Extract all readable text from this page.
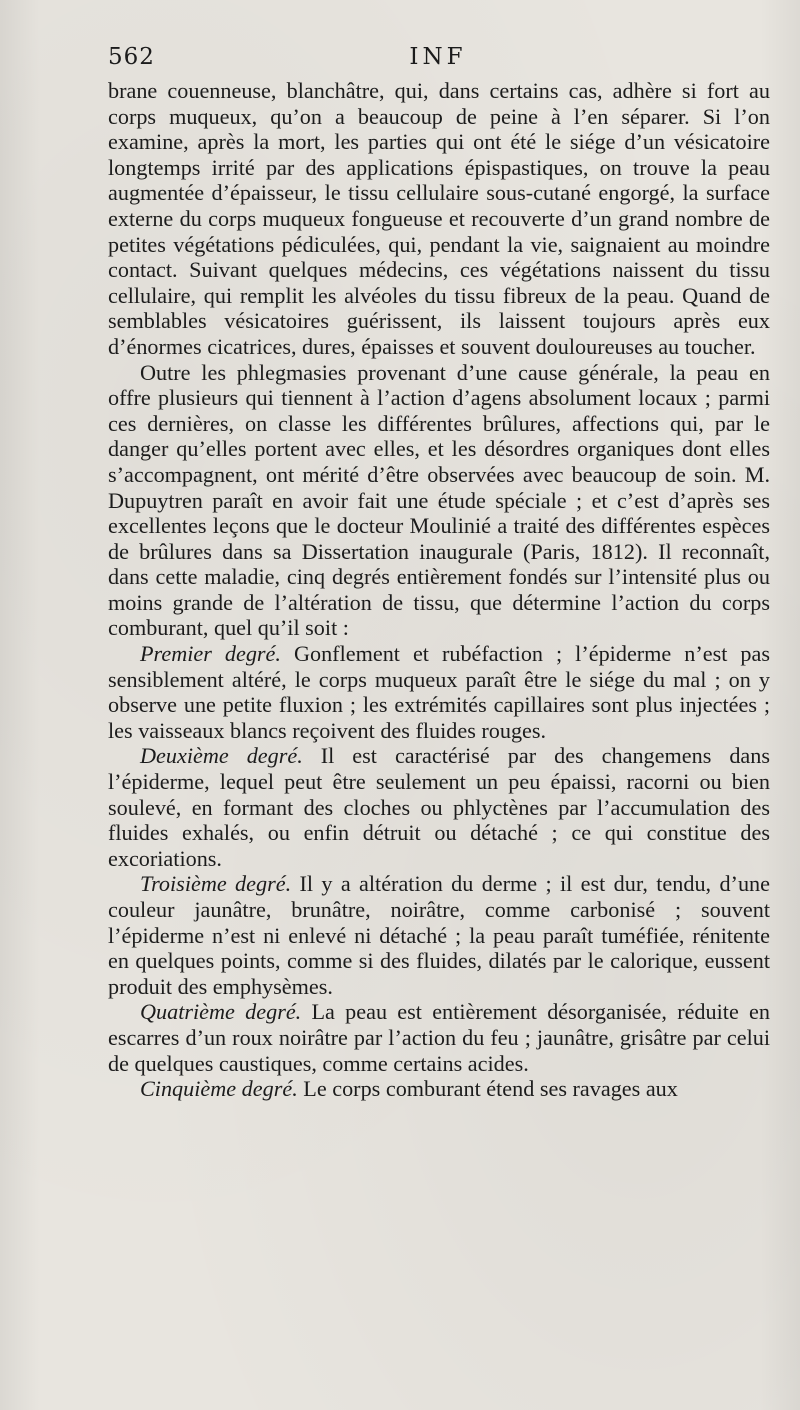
562	INF

brane couenneuse, blanchâtre, qui, dans certains cas, adhère si fort au corps muqueux, qu’on a beaucoup de peine à l’en séparer. Si l’on examine, après la mort, les parties qui ont été le siége d’un vésicatoire longtemps irrité par des applications épispastiques, on trouve la peau augmentée d’épaisseur, le tissu cellulaire sous-cutané engorgé, la surface externe du corps muqueux fongueuse et recouverte d’un grand nombre de petites végétations pédiculées, qui, pendant la vie, saignaient au moindre contact. Suivant quelques médecins, ces végétations naissent du tissu cellulaire, qui remplit les alvéoles du tissu fibreux de la peau. Quand de semblables vésicatoires guérissent, ils laissent toujours après eux d’énormes cicatrices, dures, épaisses et souvent douloureuses au toucher.

Outre les phlegmasies provenant d’une cause générale, la peau en offre plusieurs qui tiennent à l’action d’agens absolument locaux ; parmi ces dernières, on classe les différentes brûlures, affections qui, par le danger qu’elles portent avec elles, et les désordres organiques dont elles s’accompagnent, ont mérité d’être observées avec beaucoup de soin. M. Dupuytren paraît en avoir fait une étude spéciale ; et c’est d’après ses excellentes leçons que le docteur Moulinié a traité des différentes espèces de brûlures dans sa Dissertation inaugurale (Paris, 1812). Il reconnaît, dans cette maladie, cinq degrés entièrement fondés sur l’intensité plus ou moins grande de l’altération de tissu, que détermine l’action du corps comburant, quel qu’il soit :

Premier degré. Gonflement et rubéfaction ; l’épiderme n’est pas sensiblement altéré, le corps muqueux paraît être le siége du mal ; on y observe une petite fluxion ; les extrémités capillaires sont plus injectées ; les vaisseaux blancs reçoivent des fluides rouges.

Deuxième degré. Il est caractérisé par des changemens dans l’épiderme, lequel peut être seulement un peu épaissi, racorni ou bien soulevé, en formant des cloches ou phlyctènes par l’accumulation des fluides exhalés, ou enfin détruit ou détaché ; ce qui constitue des excoriations.

Troisième degré. Il y a altération du derme ; il est dur, tendu, d’une couleur jaunâtre, brunâtre, noirâtre, comme carbonisé ; souvent l’épiderme n’est ni enlevé ni détaché ; la peau paraît tuméfiée, rénitente en quelques points, comme si des fluides, dilatés par le calorique, eussent produit des emphysèmes.

Quatrième degré. La peau est entièrement désorganisée, réduite en escarres d’un roux noirâtre par l’action du feu ; jaunâtre, grisâtre par celui de quelques caustiques, comme certains acides.

Cinquième degré. Le corps comburant étend ses ravages aux
